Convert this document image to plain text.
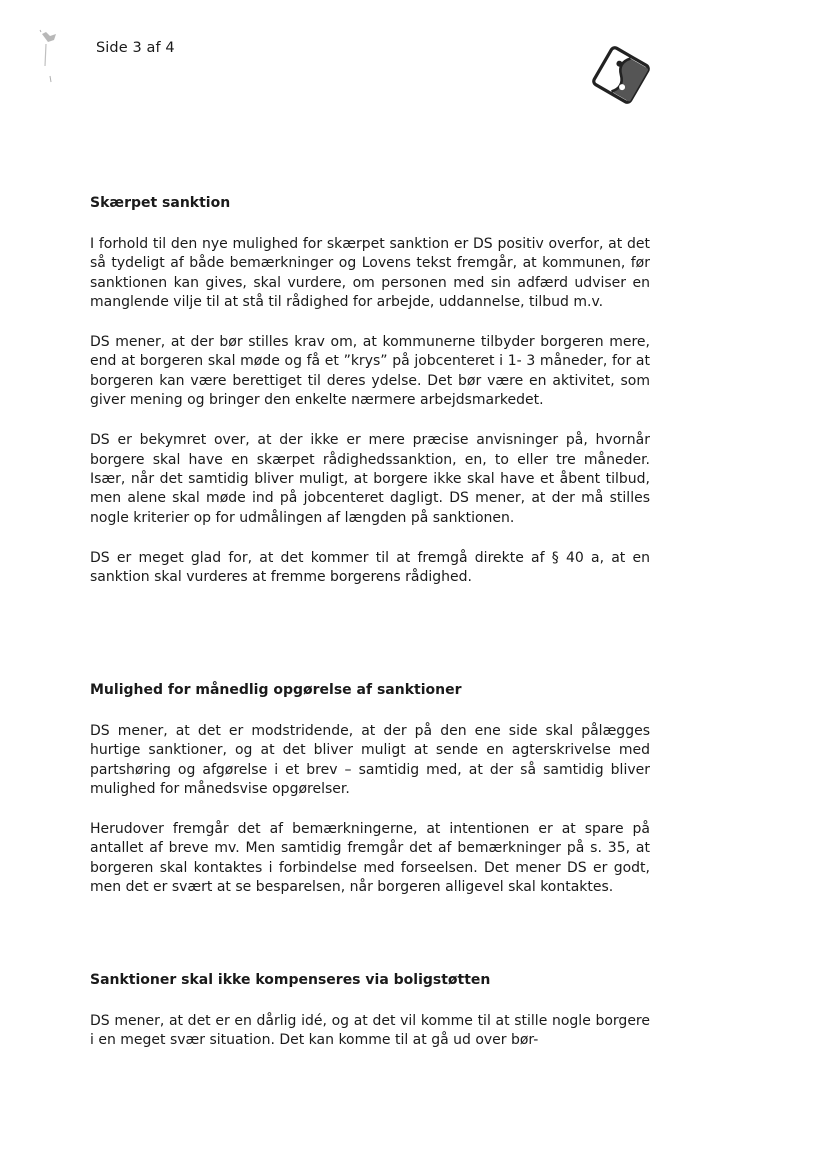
Side 3 af 4
Skærpet sanktion

I forhold til den nye mulighed for skærpet sanktion er DS positiv overfor, at det så tydeligt af både bemærkninger og Lovens tekst fremgår, at kommunen, før sanktionen kan gives, skal vurdere, om personen med sin adfærd udviser en manglende vilje til at stå til rådighed for arbejde, uddannelse, tilbud m.v.

DS mener, at der bør stilles krav om, at kommunerne tilbyder borgeren mere, end at borgeren skal møde og få et ”krys” på jobcenteret i 1- 3 måneder, for at borgeren kan være berettiget til deres ydelse. Det bør være en aktivitet, som giver mening og bringer den enkelte nærmere arbejdsmarkedet.

DS er bekymret over, at der ikke er mere præcise anvisninger på, hvornår borgere skal have en skærpet rådighedssanktion, en, to eller tre måneder. Især, når det samtidig bliver muligt, at borgere ikke skal have et åbent tilbud, men alene skal møde ind på jobcenteret dagligt. DS mener, at der må stilles nogle kriterier op for udmålingen af længden på sanktionen.

DS er meget glad for, at det kommer til at fremgå direkte af § 40 a, at en sanktion skal vurderes at fremme borgerens rådighed.

Mulighed for månedlig opgørelse af sanktioner

DS mener, at det er modstridende, at der på den ene side skal pålægges hurtige sanktioner, og at det bliver muligt at sende en agterskrivelse med partshøring og afgørelse i et brev – samtidig med, at der så samtidig bliver mulighed for månedsvise opgørelser.

Herudover fremgår det af bemærkningerne, at intentionen er at spare på antallet af breve mv. Men samtidig fremgår det af bemærkninger på s. 35, at borgeren skal kontaktes i forbindelse med forseelsen. Det mener DS er godt, men det er svært at se besparelsen, når borgeren alligevel skal kontaktes.

Sanktioner skal ikke kompenseres via boligstøtten

DS mener, at det er en dårlig idé, og at det vil komme til at stille nogle borgere i en meget svær situation. Det kan komme til at gå ud over bør-
